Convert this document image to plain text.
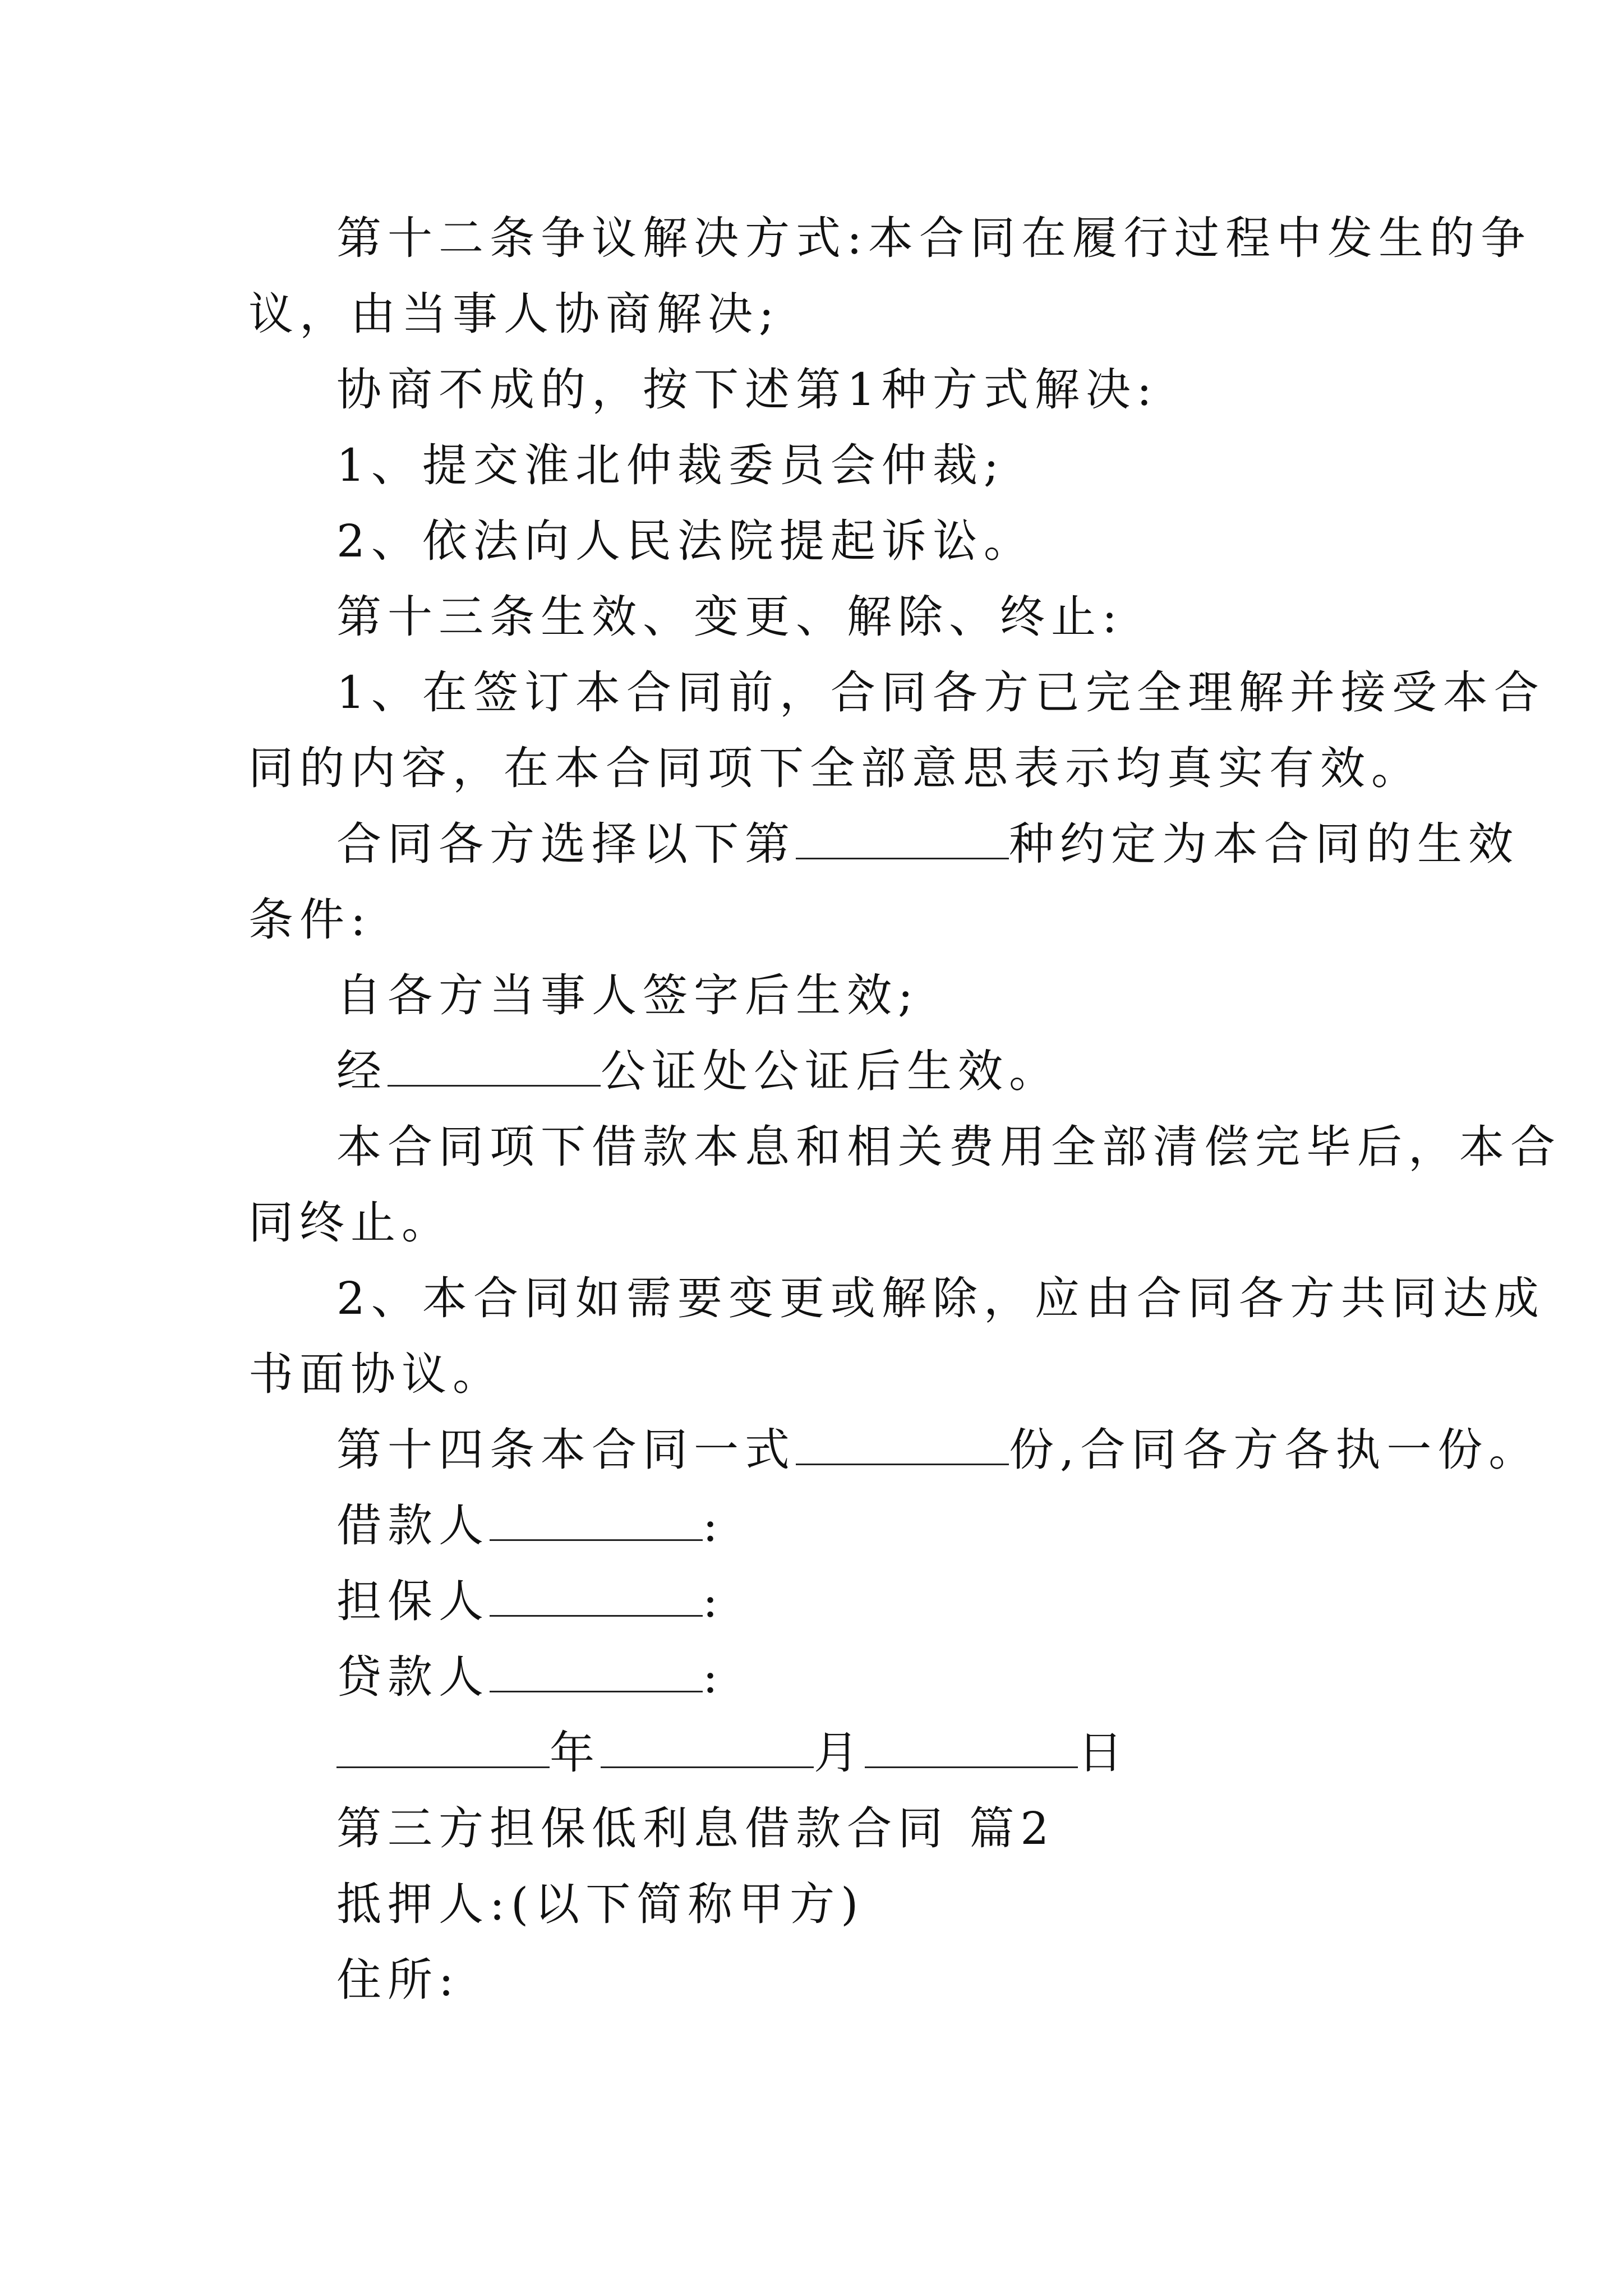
第十二条争议解决方式:本合同在履行过程中发生的争
议，由当事人协商解决;
协商不成的，按下述第1种方式解决:
1、提交淮北仲裁委员会仲裁;
2、依法向人民法院提起诉讼。
第十三条生效、变更、解除、终止:
1、在签订本合同前，合同各方已完全理解并接受本合
同的内容，在本合同项下全部意思表示均真实有效。
合同各方选择以下第	种约定为本合同的生效
条件:
自各方当事人签字后生效;
经	公证处公证后生效。
本合同项下借款本息和相关费用全部清偿完毕后，本合
同终止。
2、本合同如需要变更或解除，应由合同各方共同达成
书面协议。
第十四条本合同一式	份,合同各方各执一份。
借款人	:
担保人	:
贷款人	:
年	月	日
第三方担保低利息借款合同 篇2
抵押人:(以下简称甲方)
住所:
